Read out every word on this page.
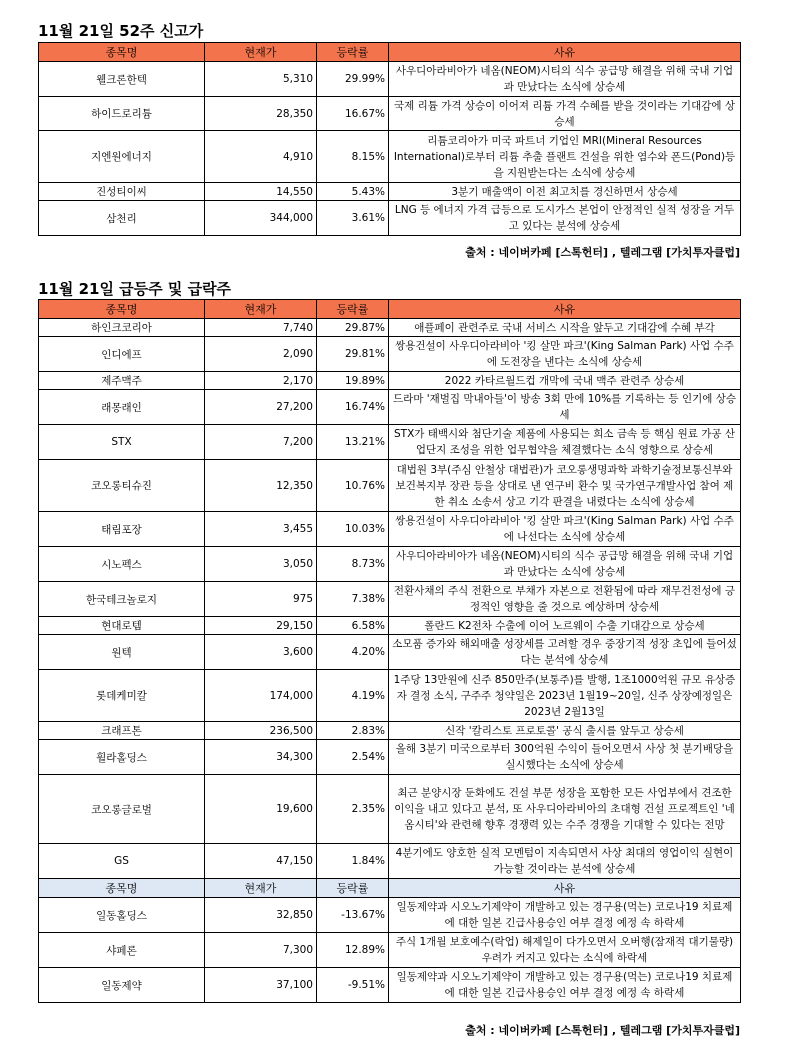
11월 21일 52주 신고가
종목명	현재가	등락률	사유
웰크론한텍	5,310	29.99%	사우디아라비아가 네옴(NEOM)시티의 식수 공급망 해결을 위해 국내 기업과 만났다는 소식에 상승세
하이드로리튬	28,350	16.67%	국제 리튬 가격 상승이 이어져 리튬 가격 수혜를 받을 것이라는 기대감에 상승세
지엔원에너지	4,910	8.15%	리튬코리아가 미국 파트너 기업인 MRI(Mineral Resources International)로부터 리튬 추출 플랜트 건설을 위한 염수와 폰드(Pond)등을 지원받는다는 소식에 상승세
진성티이씨	14,550	5.43%	3분기 매출액이 이전 최고치를 경신하면서 상승세
삼천리	344,000	3.61%	LNG 등 에너지 가격 급등으로 도시가스 본업이 안정적인 실적 성장을 거두고 있다는 분석에 상승세
출처 : 네이버카페 [스톡헌터] , 텔레그램 [가치투자클럽]
11월 21일 급등주 및 급락주
종목명	현재가	등락률	사유
하인크코리아	7,740	29.87%	애플페이 관련주로 국내 서비스 시작을 앞두고 기대감에 수혜 부각
인디에프	2,090	29.81%	쌍용건설이 사우디아라비아 '킹 살만 파크'(King Salman Park) 사업 수주에 도전장을 낸다는 소식에 상승세
제주맥주	2,170	19.89%	2022 카타르월드컵 개막에 국내 맥주 관련주 상승세
래몽래인	27,200	16.74%	드라마 '재벌집 막내아들'이 방송 3회 만에 10%를 기록하는 등 인기에 상승세
STX	7,200	13.21%	STX가 태백시와 첨단기술 제품에 사용되는 희소 금속 등 핵심 원료 가공 산업단지 조성을 위한 업무협약을 체결했다는 소식 영향으로 상승세
코오롱티슈진	12,350	10.76%	대법원 3부(주심 안철상 대법관)가 코오롱생명과학 과학기술정보통신부와 보건복지부 장관 등을 상대로 낸 연구비 환수 및 국가연구개발사업 참여 제한 취소 소송서 상고 기각 판결을 내렸다는 소식에 상승세
태림포장	3,455	10.03%	쌍용건설이 사우디아라비아 '킹 살만 파크'(King Salman Park) 사업 수주에 나선다는 소식에 상승세
시노펙스	3,050	8.73%	사우디아라비아가 네옴(NEOM)시티의 식수 공급망 해결을 위해 국내 기업과 만났다는 소식에 상승세
한국테크놀로지	975	7.38%	전환사채의 주식 전환으로 부채가 자본으로 전환됨에 따라 재무건전성에 긍정적인 영향을 줄 것으로 예상하며 상승세
현대로템	29,150	6.58%	폴란드 K2전차 수출에 이어 노르웨이 수출 기대감으로 상승세
원텍	3,600	4.20%	소모품 증가와 해외매출 성장세를 고려할 경우 중장기적 성장 초입에 들어섰다는 분석에 상승세
롯데케미칼	174,000	4.19%	1주당 13만원에 신주 850만주(보통주)를 발행, 1조1000억원 규모 유상증자 결정 소식, 구주주 청약일은 2023년 1월19~20일, 신주 상장예정일은 2023년 2월13일
크래프톤	236,500	2.83%	신작 '칼리스토 프로토콜' 공식 출시를 앞두고 상승세
휠라홀딩스	34,300	2.54%	올해 3분기 미국으로부터 300억원 수익이 들어오면서 사상 첫 분기배당을 실시했다는 소식에 상승세
코오롱글로벌	19,600	2.35%	최근 분양시장 둔화에도 건설 부문 성장을 포함한 모든 사업부에서 견조한 이익을 내고 있다고 분석, 또 사우디아라비아의 초대형 건설 프로젝트인 '네옴시티'와 관련해 향후 경쟁력 있는 수주 경쟁을 기대할 수 있다는 전망
GS	47,150	1.84%	4분기에도 양호한 실적 모멘텀이 지속되면서 사상 최대의 영업이익 실현이 가능할 것이라는 분석에 상승세
종목명	현재가	등락률	사유
일동홀딩스	32,850	-13.67%	일동제약과 시오노기제약이 개발하고 있는 경구용(먹는) 코로나19 치료제에 대한 일본 긴급사용승인 여부 결정 예정 속 하락세
샤페론	7,300	12.89%	주식 1개월 보호예수(락업) 해제일이 다가오면서 오버행(잠재적 대기물량) 우려가 커지고 있다는 소식에 하락세
일동제약	37,100	-9.51%	일동제약과 시오노기제약이 개발하고 있는 경구용(먹는) 코로나19 치료제에 대한 일본 긴급사용승인 여부 결정 예정 속 하락세
출처 : 네이버카페 [스톡헌터] , 텔레그램 [가치투자클럽]
